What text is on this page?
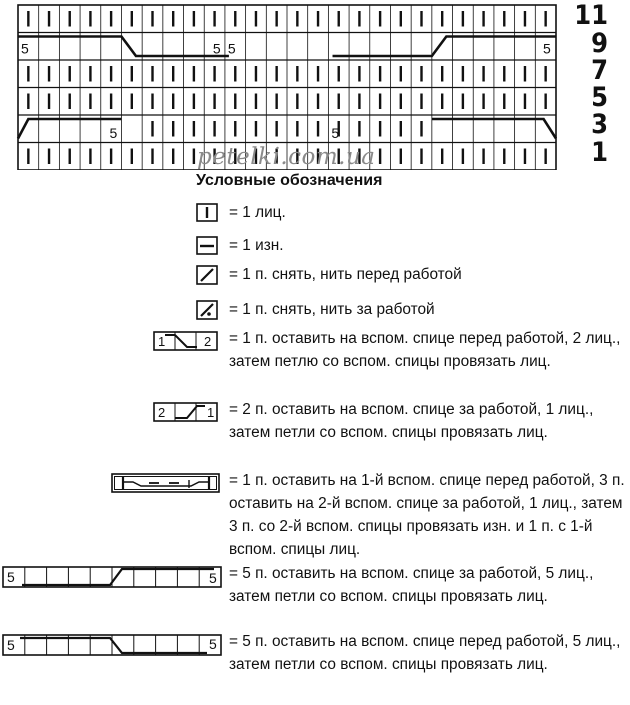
5	5 5	5
5	5
11
9
7
5
3
1
petelki.com.ua
Условные обозначения
= 1 лиц.
= 1 изн.
= 1 п. снять, нить перед работой
= 1 п. снять, нить за работой
1	2 = 1 п. оставить на вспом. спице перед работой, 2 лиц., затем петлю со вспом. спицы провязать лиц.
2	1 = 2 п. оставить на вспом. спице за работой, 1 лиц., затем петли со вспом. спицы провязать лиц.
= 1 п. оставить на 1-й вспом. спице перед работой, 3 п. оставить на 2-й вспом. спице за работой, 1 лиц., затем 3 п. со 2-й вспом. спицы провязать изн. и 1 п. с 1-й вспом. спицы лиц.
5	5 = 5 п. оставить на вспом. спице за работой, 5 лиц., затем петли со вспом. спицы провязать лиц.
5	5 = 5 п. оставить на вспом. спице перед работой, 5 лиц., затем петли со вспом. спицы провязать лиц.
